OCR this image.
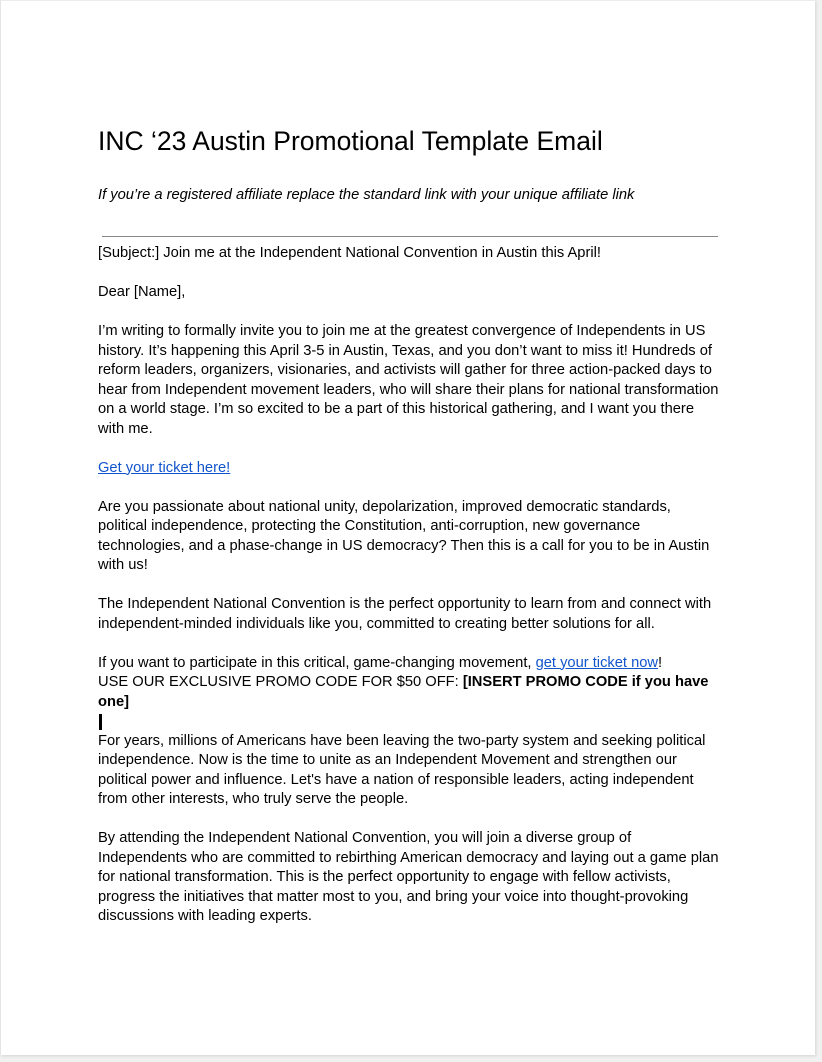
INC ‘23 Austin Promotional Template Email

If you’re a registered affiliate replace the standard link with your unique affiliate link

[Subject:] Join me at the Independent National Convention in Austin this April!

Dear [Name],

I’m writing to formally invite you to join me at the greatest convergence of Independents in US history. It’s happening this April 3-5 in Austin, Texas, and you don’t want to miss it! Hundreds of reform leaders, organizers, visionaries, and activists will gather for three action-packed days to hear from Independent movement leaders, who will share their plans for national transformation on a world stage. I’m so excited to be a part of this historical gathering, and I want you there with me.

Get your ticket here!

Are you passionate about national unity, depolarization, improved democratic standards, political independence, protecting the Constitution, anti-corruption, new governance technologies, and a phase-change in US democracy? Then this is a call for you to be in Austin with us!

The Independent National Convention is the perfect opportunity to learn from and connect with independent-minded individuals like you, committed to creating better solutions for all.

If you want to participate in this critical, game-changing movement, get your ticket now!

USE OUR EXCLUSIVE PROMO CODE FOR $50 OFF: [INSERT PROMO CODE if you have one]

For years, millions of Americans have been leaving the two-party system and seeking political independence. Now is the time to unite as an Independent Movement and strengthen our political power and influence. Let's have a nation of responsible leaders, acting independent from other interests, who truly serve the people.

By attending the Independent National Convention, you will join a diverse group of Independents who are committed to rebirthing American democracy and laying out a game plan for national transformation. This is the perfect opportunity to engage with fellow activists, progress the initiatives that matter most to you, and bring your voice into thought-provoking discussions with leading experts.
